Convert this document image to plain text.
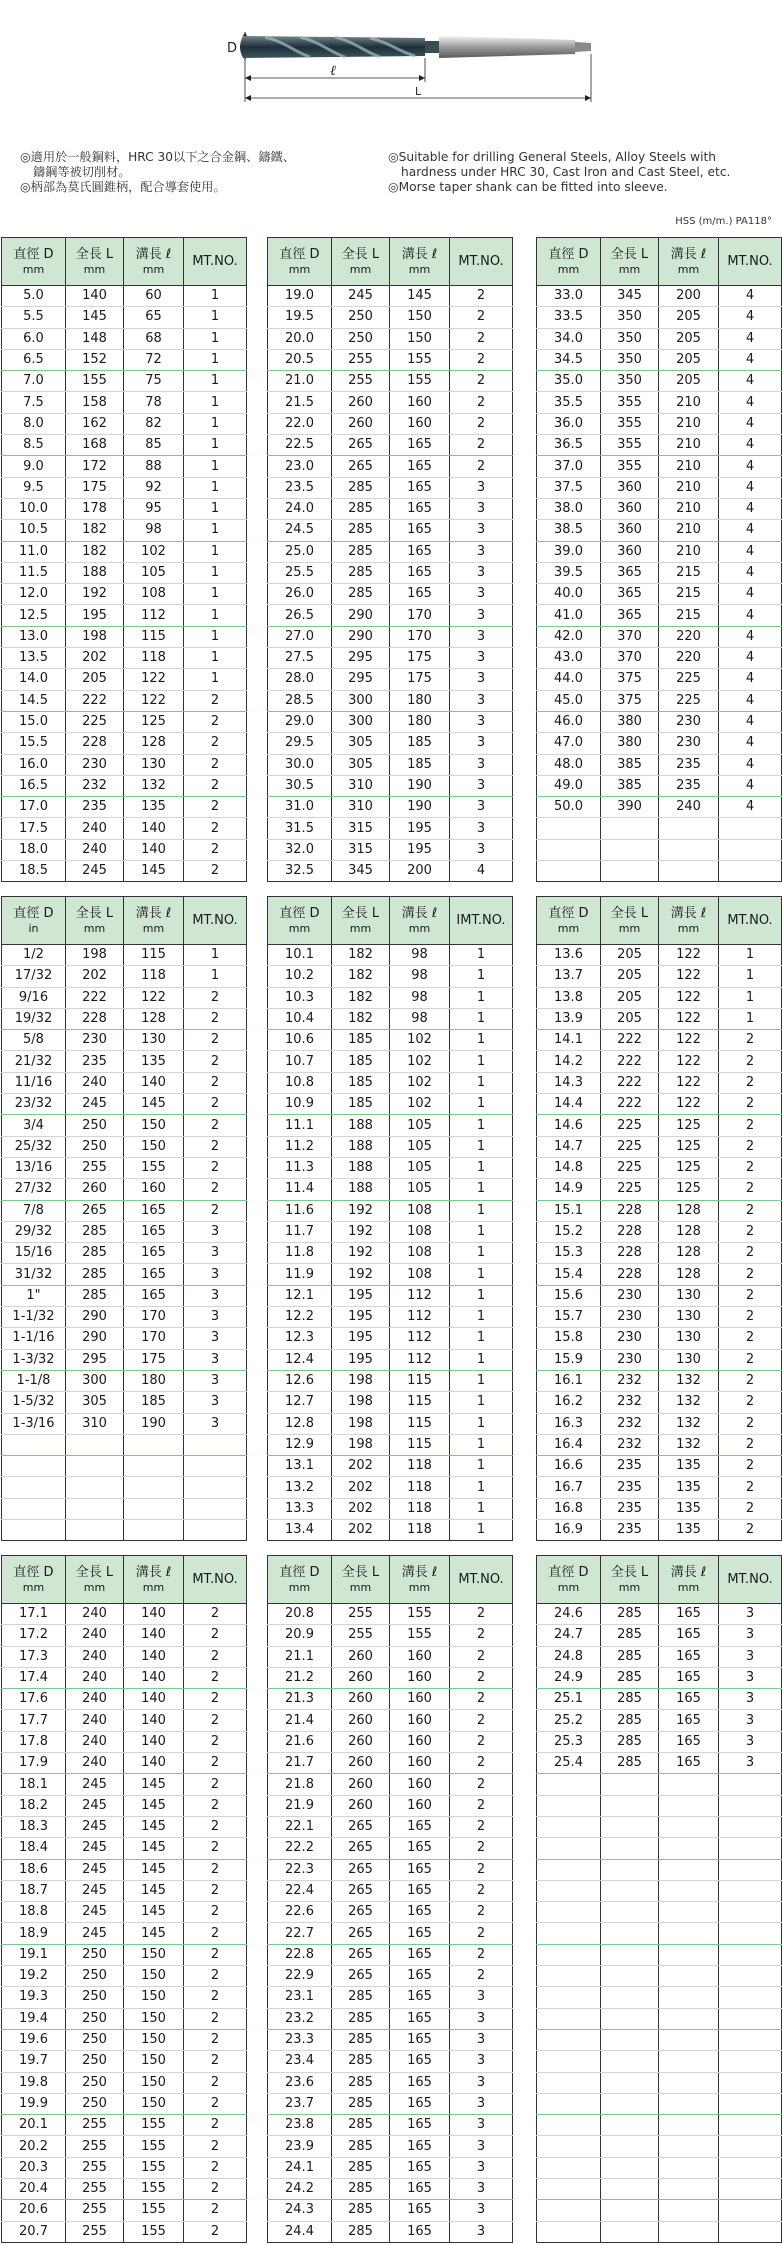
D
ℓ
L
◎適用於一般鋼料，HRC 30以下之合金鋼、鑄鐵、
鑄鋼等被切削材。
◎柄部為莫氏圓錐柄，配合導套使用。
◎Suitable for drilling General Steels, Alloy Steels with
hardness under HRC 30, Cast Iron and Cast Steel, etc.
◎Morse taper shank can be fitted into sleeve.
HSS (m/m.) PA118°
直徑 D
mm	全長 L
mm	溝長 ℓ
mm	MT.NO.
5.0	140	60	1
5.5	145	65	1
6.0	148	68	1
6.5	152	72	1
7.0	155	75	1
7.5	158	78	1
8.0	162	82	1
8.5	168	85	1
9.0	172	88	1
9.5	175	92	1
10.0	178	95	1
10.5	182	98	1
11.0	182	102	1
11.5	188	105	1
12.0	192	108	1
12.5	195	112	1
13.0	198	115	1
13.5	202	118	1
14.0	205	122	1
14.5	222	122	2
15.0	225	125	2
15.5	228	128	2
16.0	230	130	2
16.5	232	132	2
17.0	235	135	2
17.5	240	140	2
18.0	240	140	2
18.5	245	145	2
直徑 D
mm	全長 L
mm	溝長 ℓ
mm	MT.NO.
19.0	245	145	2
19.5	250	150	2
20.0	250	150	2
20.5	255	155	2
21.0	255	155	2
21.5	260	160	2
22.0	260	160	2
22.5	265	165	2
23.0	265	165	2
23.5	285	165	3
24.0	285	165	3
24.5	285	165	3
25.0	285	165	3
25.5	285	165	3
26.0	285	165	3
26.5	290	170	3
27.0	290	170	3
27.5	295	175	3
28.0	295	175	3
28.5	300	180	3
29.0	300	180	3
29.5	305	185	3
30.0	305	185	3
30.5	310	190	3
31.0	310	190	3
31.5	315	195	3
32.0	315	195	3
32.5	345	200	4
直徑 D
mm	全長 L
mm	溝長 ℓ
mm	MT.NO.
33.0	345	200	4
33.5	350	205	4
34.0	350	205	4
34.5	350	205	4
35.0	350	205	4
35.5	355	210	4
36.0	355	210	4
36.5	355	210	4
37.0	355	210	4
37.5	360	210	4
38.0	360	210	4
38.5	360	210	4
39.0	360	210	4
39.5	365	215	4
40.0	365	215	4
41.0	365	215	4
42.0	370	220	4
43.0	370	220	4
44.0	375	225	4
45.0	375	225	4
46.0	380	230	4
47.0	380	230	4
48.0	385	235	4
49.0	385	235	4
50.0	390	240	4

直徑 D
in	全長 L
mm	溝長 ℓ
mm	MT.NO.
1/2	198	115	1
17/32	202	118	1
9/16	222	122	2
19/32	228	128	2
5/8	230	130	2
21/32	235	135	2
11/16	240	140	2
23/32	245	145	2
3/4	250	150	2
25/32	250	150	2
13/16	255	155	2
27/32	260	160	2
7/8	265	165	2
29/32	285	165	3
15/16	285	165	3
31/32	285	165	3
1"	285	165	3
1-1/32	290	170	3
1-1/16	290	170	3
1-3/32	295	175	3
1-1/8	300	180	3
1-5/32	305	185	3
1-3/16	310	190	3

直徑 D
mm	全長 L
mm	溝長 ℓ
mm	IMT.NO.
10.1	182	98	1
10.2	182	98	1
10.3	182	98	1
10.4	182	98	1
10.6	185	102	1
10.7	185	102	1
10.8	185	102	1
10.9	185	102	1
11.1	188	105	1
11.2	188	105	1
11.3	188	105	1
11.4	188	105	1
11.6	192	108	1
11.7	192	108	1
11.8	192	108	1
11.9	192	108	1
12.1	195	112	1
12.2	195	112	1
12.3	195	112	1
12.4	195	112	1
12.6	198	115	1
12.7	198	115	1
12.8	198	115	1
12.9	198	115	1
13.1	202	118	1
13.2	202	118	1
13.3	202	118	1
13.4	202	118	1
直徑 D
mm	全長 L
mm	溝長 ℓ
mm	MT.NO.
13.6	205	122	1
13.7	205	122	1
13.8	205	122	1
13.9	205	122	1
14.1	222	122	2
14.2	222	122	2
14.3	222	122	2
14.4	222	122	2
14.6	225	125	2
14.7	225	125	2
14.8	225	125	2
14.9	225	125	2
15.1	228	128	2
15.2	228	128	2
15.3	228	128	2
15.4	228	128	2
15.6	230	130	2
15.7	230	130	2
15.8	230	130	2
15.9	230	130	2
16.1	232	132	2
16.2	232	132	2
16.3	232	132	2
16.4	232	132	2
16.6	235	135	2
16.7	235	135	2
16.8	235	135	2
16.9	235	135	2
直徑 D
mm	全長 L
mm	溝長 ℓ
mm	MT.NO.
17.1	240	140	2
17.2	240	140	2
17.3	240	140	2
17.4	240	140	2
17.6	240	140	2
17.7	240	140	2
17.8	240	140	2
17.9	240	140	2
18.1	245	145	2
18.2	245	145	2
18.3	245	145	2
18.4	245	145	2
18.6	245	145	2
18.7	245	145	2
18.8	245	145	2
18.9	245	145	2
19.1	250	150	2
19.2	250	150	2
19.3	250	150	2
19.4	250	150	2
19.6	250	150	2
19.7	250	150	2
19.8	250	150	2
19.9	250	150	2
20.1	255	155	2
20.2	255	155	2
20.3	255	155	2
20.4	255	155	2
20.6	255	155	2
20.7	255	155	2
直徑 D
mm	全長 L
mm	溝長 ℓ
mm	MT.NO.
20.8	255	155	2
20.9	255	155	2
21.1	260	160	2
21.2	260	160	2
21.3	260	160	2
21.4	260	160	2
21.6	260	160	2
21.7	260	160	2
21.8	260	160	2
21.9	260	160	2
22.1	265	165	2
22.2	265	165	2
22.3	265	165	2
22.4	265	165	2
22.6	265	165	2
22.7	265	165	2
22.8	265	165	2
22.9	265	165	2
23.1	285	165	3
23.2	285	165	3
23.3	285	165	3
23.4	285	165	3
23.6	285	165	3
23.7	285	165	3
23.8	285	165	3
23.9	285	165	3
24.1	285	165	3
24.2	285	165	3
24.3	285	165	3
24.4	285	165	3
直徑 D
mm	全長 L
mm	溝長 ℓ
mm	MT.NO.
24.6	285	165	3
24.7	285	165	3
24.8	285	165	3
24.9	285	165	3
25.1	285	165	3
25.2	285	165	3
25.3	285	165	3
25.4	285	165	3
